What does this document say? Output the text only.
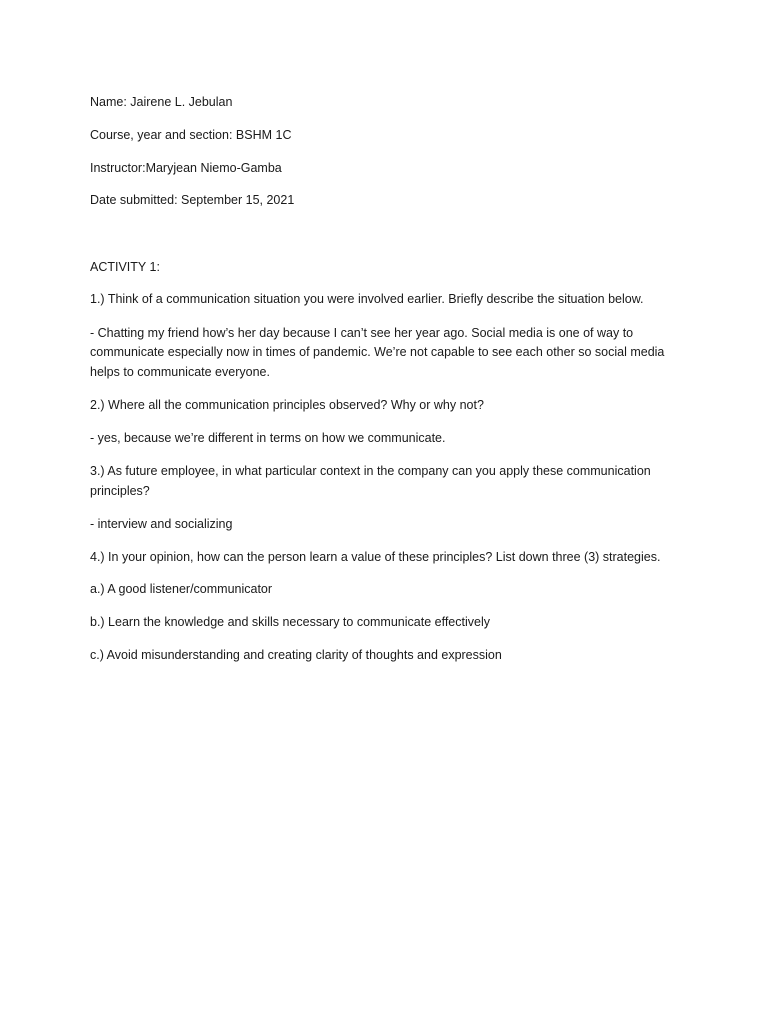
Name: Jairene L. Jebulan

Course, year and section: BSHM 1C

Instructor:Maryjean Niemo-Gamba

Date submitted: September 15, 2021

ACTIVITY 1:

1.) Think of a communication situation you were involved earlier. Briefly describe the situation below.

- Chatting my friend how’s her day because I can’t see her year ago. Social media is one of way to

communicate especially now in times of pandemic. We’re not capable to see each other so social media

helps to communicate everyone.

2.) Where all the communication principles observed? Why or why not?

- yes, because we’re different in terms on how we communicate.

3.) As future employee, in what particular context in the company can you apply these communication

principles?

- interview and socializing

4.) In your opinion, how can the person learn a value of these principles? List down three (3) strategies.

a.) A good listener/communicator

b.) Learn the knowledge and skills necessary to communicate effectively

c.) Avoid misunderstanding and creating clarity of thoughts and expression
